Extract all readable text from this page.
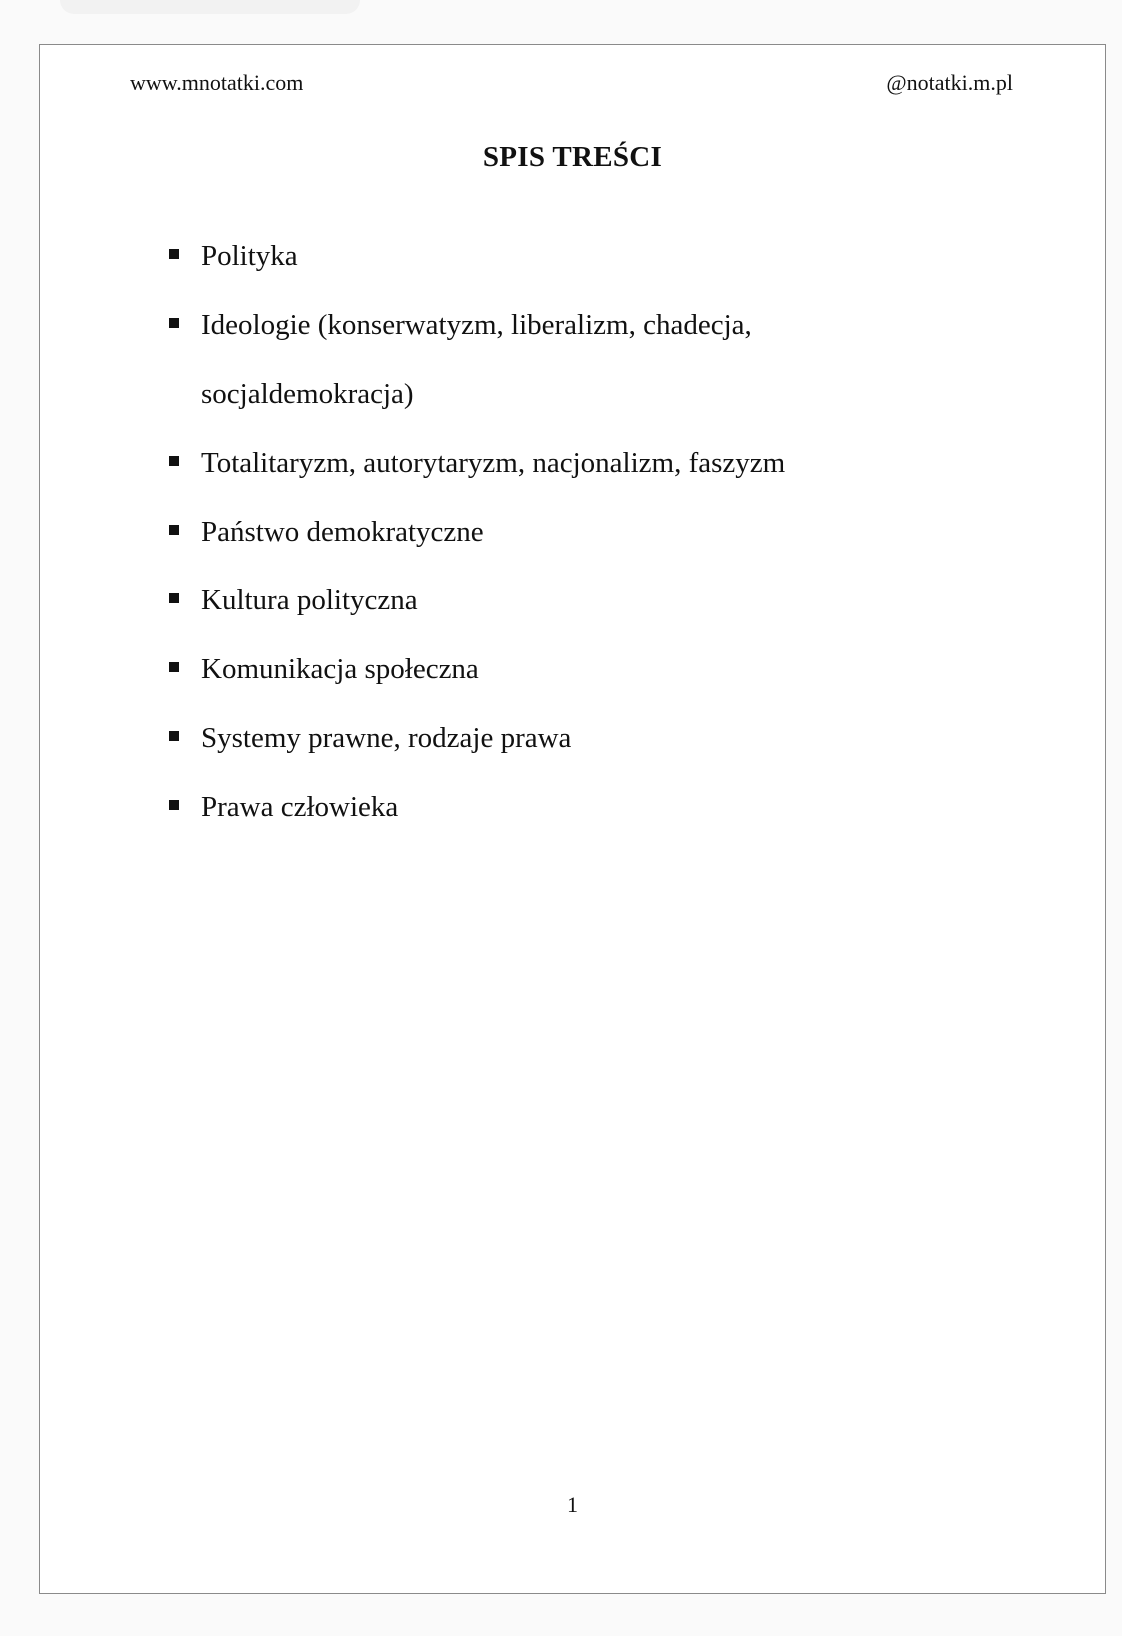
www.mnotatki.com	@notatki.m.pl
SPIS TREŚCI
Polityka
Ideologie (konserwatyzm, liberalizm, chadecja,
socjaldemokracja)
Totalitaryzm, autorytaryzm, nacjonalizm, faszyzm
Państwo demokratyczne
Kultura polityczna
Komunikacja społeczna
Systemy prawne, rodzaje prawa
Prawa człowieka
1
